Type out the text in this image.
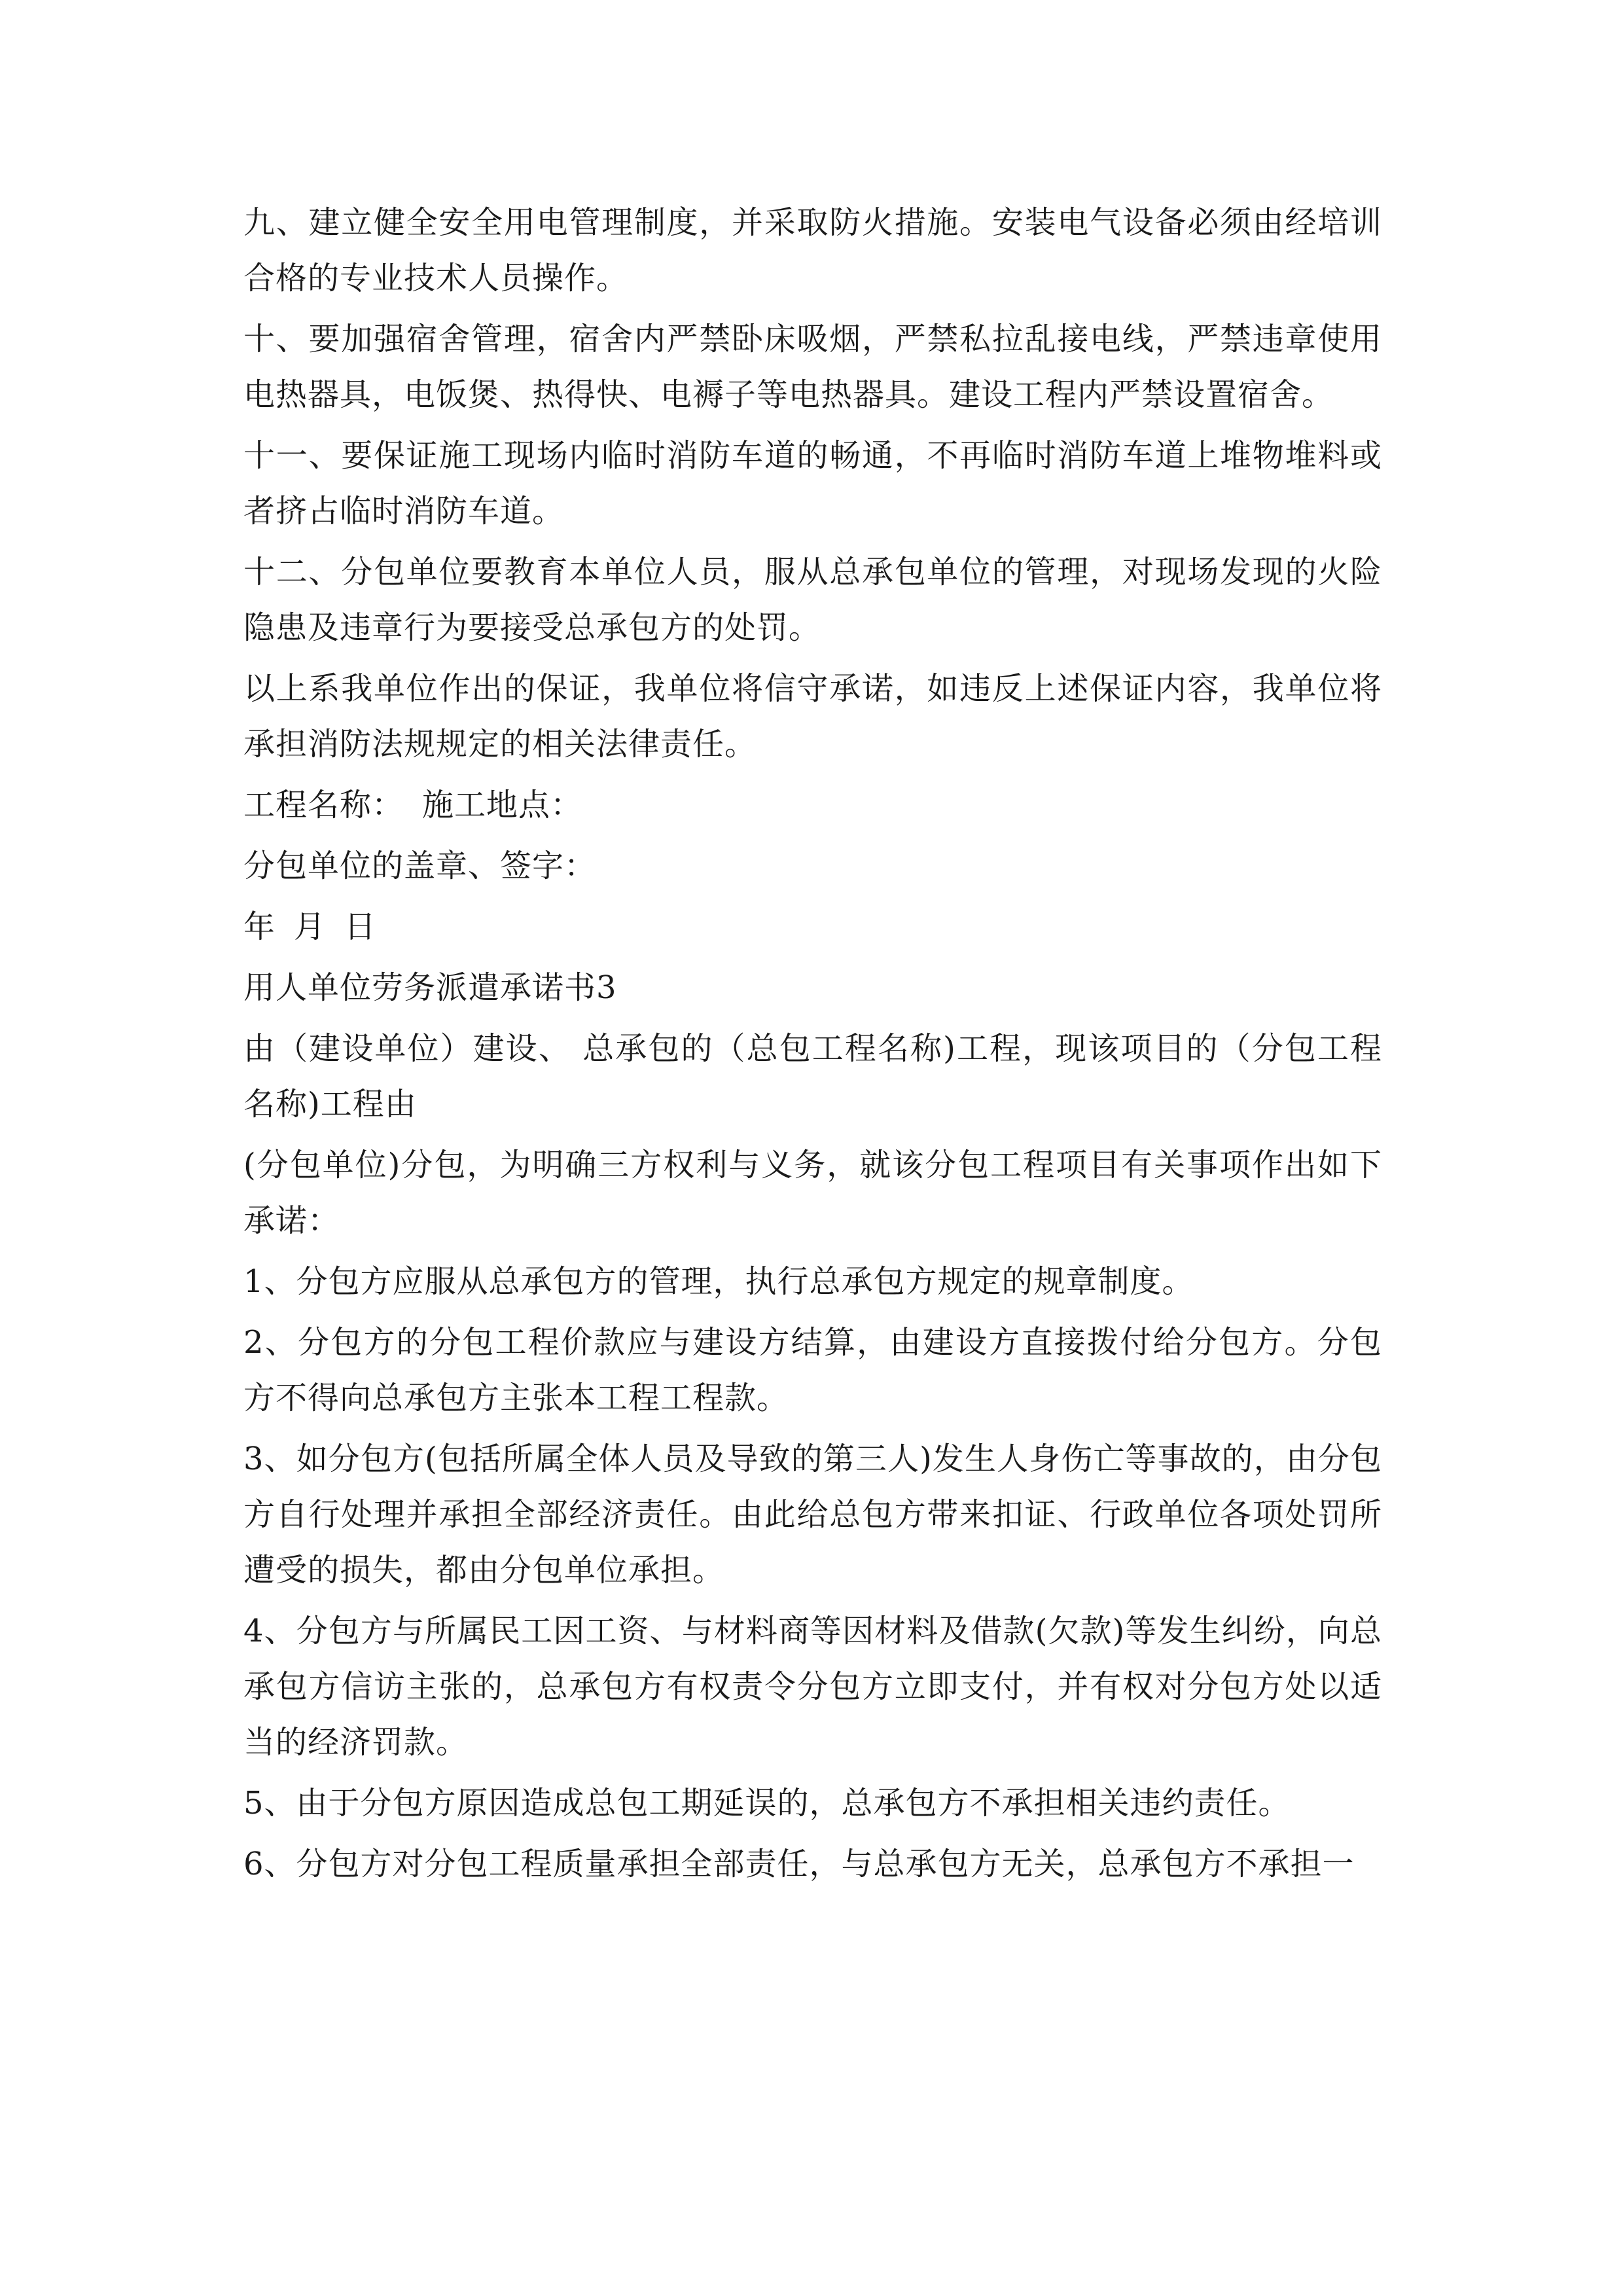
九、建立健全安全用电管理制度，并采取防火措施。安装电气设备必须由经培训合格的专业技术人员操作。

十、要加强宿舍管理，宿舍内严禁卧床吸烟，严禁私拉乱接电线，严禁违章使用电热器具，电饭煲、热得快、电褥子等电热器具。建设工程内严禁设置宿舍。

十一、要保证施工现场内临时消防车道的畅通，不再临时消防车道上堆物堆料或者挤占临时消防车道。

十二、分包单位要教育本单位人员，服从总承包单位的管理，对现场发现的火险隐患及违章行为要接受总承包方的处罚。

以上系我单位作出的保证，我单位将信守承诺，如违反上述保证内容，我单位将承担消防法规规定的相关法律责任。

工程名称： 施工地点：

分包单位的盖章、签字：

年 月 日

用人单位劳务派遣承诺书3

由（建设单位）建设、 总承包的（总包工程名称)工程，现该项目的（分包工程名称)工程由

(分包单位)分包，为明确三方权利与义务，就该分包工程项目有关事项作出如下承诺：

1、分包方应服从总承包方的管理，执行总承包方规定的规章制度。

2、分包方的分包工程价款应与建设方结算，由建设方直接拨付给分包方。分包方不得向总承包方主张本工程工程款。

3、如分包方(包括所属全体人员及导致的第三人)发生人身伤亡等事故的，由分包方自行处理并承担全部经济责任。由此给总包方带来扣证、行政单位各项处罚所遭受的损失，都由分包单位承担。

4、分包方与所属民工因工资、与材料商等因材料及借款(欠款)等发生纠纷，向总承包方信访主张的，总承包方有权责令分包方立即支付，并有权对分包方处以适当的经济罚款。

5、由于分包方原因造成总包工期延误的，总承包方不承担相关违约责任。

6、分包方对分包工程质量承担全部责任，与总承包方无关，总承包方不承担一
